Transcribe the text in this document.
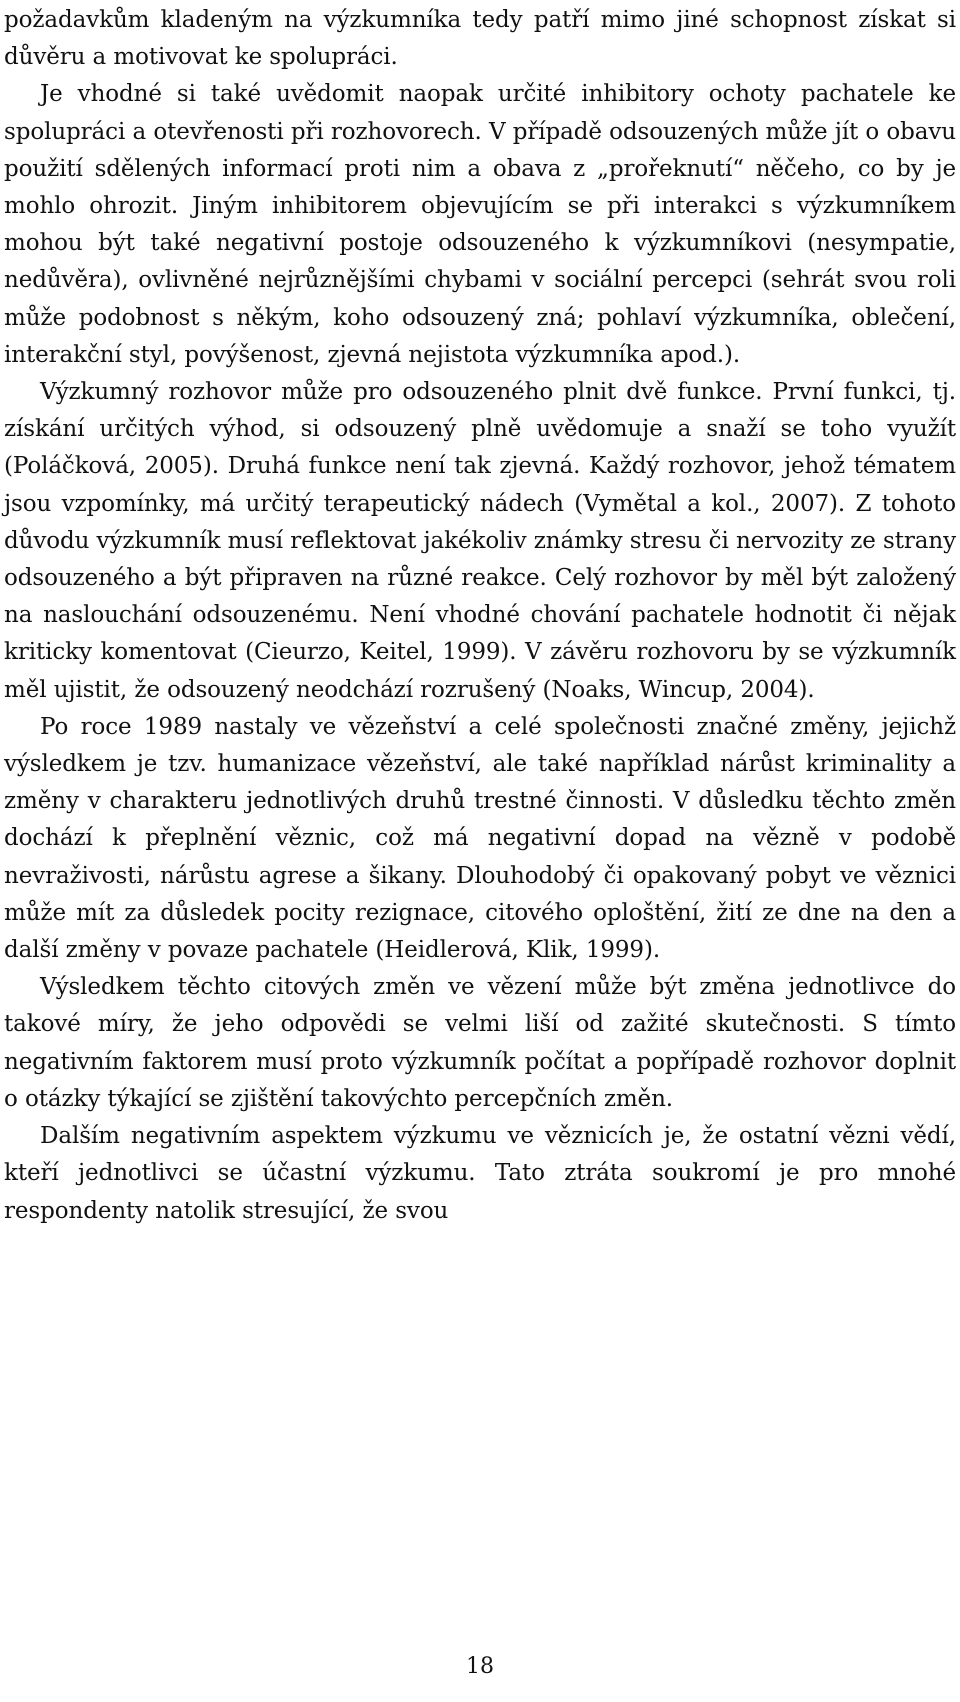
požadavkům kladeným na výzkumníka tedy patří mimo jiné schopnost získat si důvěru a motivovat ke spolupráci.

Je vhodné si také uvědomit naopak určité inhibitory ochoty pachatele ke spolupráci a otevřenosti při rozhovorech. V případě odsouzených může jít o obavu použití sdělených informací proti nim a obava z „prořeknutí“ něčeho, co by je mohlo ohrozit. Jiným inhibitorem objevujícím se při interakci s výzkumníkem mohou být také negativní postoje odsouzeného k výzkumníkovi (nesympatie, nedůvěra), ovlivněné nejrůznějšími chybami v sociální percepci (sehrát svou roli může podobnost s někým, koho odsouzený zná; pohlaví výzkumníka, oblečení, interakční styl, povýšenost, zjevná nejistota výzkumníka apod.).

Výzkumný rozhovor může pro odsouzeného plnit dvě funkce. První funkci, tj. získání určitých výhod, si odsouzený plně uvědomuje a snaží se toho využít (Poláčková, 2005). Druhá funkce není tak zjevná. Každý rozhovor, jehož tématem jsou vzpomínky, má určitý terapeutický nádech (Vymětal a kol., 2007). Z tohoto důvodu výzkumník musí reflektovat jakékoliv známky stresu či nervozity ze strany odsouzeného a být připraven na různé reakce. Celý rozhovor by měl být založený na naslouchání odsouzenému. Není vhodné chování pachatele hodnotit či nějak kriticky komentovat (Cieurzo, Keitel, 1999). V závěru rozhovoru by se výzkumník měl ujistit, že odsouzený neodchází rozrušený (Noaks, Wincup, 2004).

Po roce 1989 nastaly ve vězeňství a celé společnosti značné změny, jejichž výsledkem je tzv. humanizace vězeňství, ale také například nárůst kriminality a změny v charakteru jednotlivých druhů trestné činnosti. V důsledku těchto změn dochází k přeplnění věznic, což má negativní dopad na vězně v podobě nevraživosti, nárůstu agrese a šikany. Dlouhodobý či opakovaný pobyt ve věznici může mít za důsledek pocity rezignace, citového oploštění, žití ze dne na den a další změny v povaze pachatele (Heidlerová, Klik, 1999).

Výsledkem těchto citových změn ve vězení může být změna jednotlivce do takové míry, že jeho odpovědi se velmi liší od zažité skutečnosti. S tímto negativním faktorem musí proto výzkumník počítat a popřípadě rozhovor doplnit o otázky týkající se zjištění takovýchto percepčních změn.

Dalším negativním aspektem výzkumu ve věznicích je, že ostatní vězni vědí, kteří jednotlivci se účastní výzkumu. Tato ztráta soukromí je pro mnohé respondenty natolik stresující, že svou

18
